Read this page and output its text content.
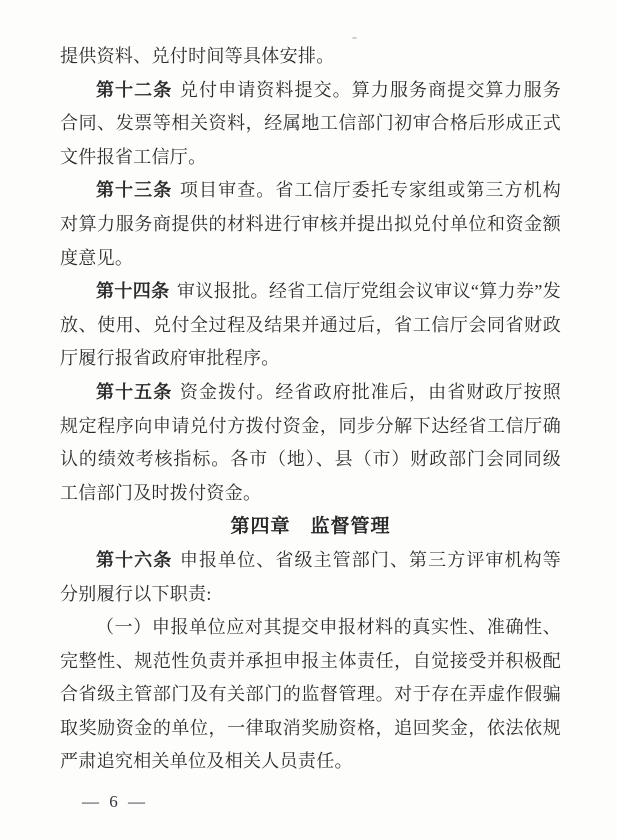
提供资料、兑付时间等具体安排。

第十二条 兑付申请资料提交。算力服务商提交算力服务合同、发票等相关资料，经属地工信部门初审合格后形成正式文件报省工信厅。

第十三条 项目审查。省工信厅委托专家组或第三方机构对算力服务商提供的材料进行审核并提出拟兑付单位和资金额度意见。

第十四条 审议报批。经省工信厅党组会议审议“算力券”发放、使用、兑付全过程及结果并通过后，省工信厅会同省财政厅履行报省政府审批程序。

第十五条 资金拨付。经省政府批准后，由省财政厅按照规定程序向申请兑付方拨付资金，同步分解下达经省工信厅确认的绩效考核指标。各市（地）、县（市）财政部门会同同级工信部门及时拨付资金。

第四章　监督管理

第十六条 申报单位、省级主管部门、第三方评审机构等分别履行以下职责:

（一）申报单位应对其提交申报材料的真实性、准确性、完整性、规范性负责并承担申报主体责任，自觉接受并积极配合省级主管部门及有关部门的监督管理。对于存在弄虚作假骗取奖励资金的单位，一律取消奖励资格，追回奖金，依法依规严肃追究相关单位及相关人员责任。

— 6 —
